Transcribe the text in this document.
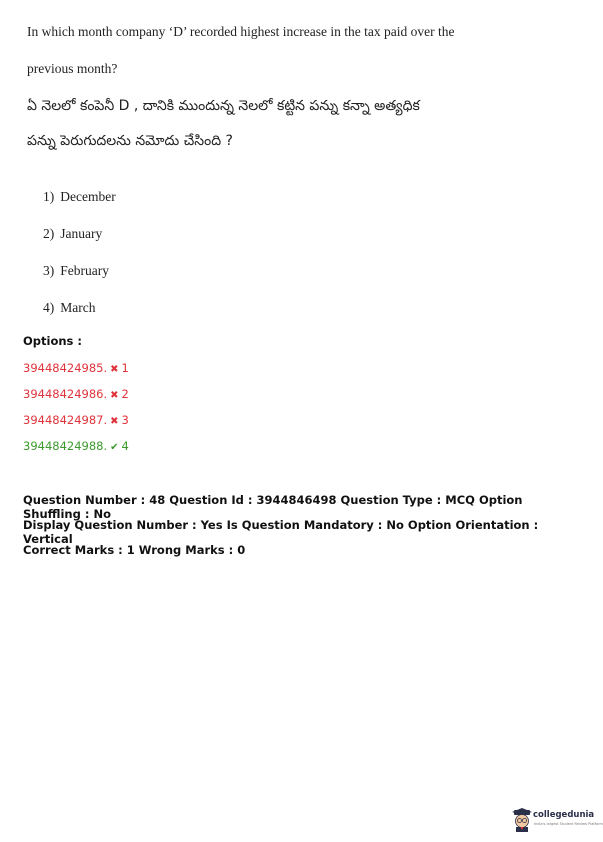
In which month company ‘D’ recorded highest increase in the tax paid over the
previous month?
ఏ నెలలో కంపెనీ D , దానికి ముందున్న నెలలో కట్టిన పన్ను కన్నా అత్యధిక
పన్ను పెరుగుదలను నమోదు చేసింది ?
1) December
2) January
3) February
4) March
Options :
39448424985. ✖ 1
39448424986. ✖ 2
39448424987. ✖ 3
39448424988. ✔ 4
Question Number : 48 Question Id : 3944846498 Question Type : MCQ Option Shuffling : No
Display Question Number : Yes Is Question Mandatory : No Option Orientation : Vertical
Correct Marks : 1 Wrong Marks : 0
collegedunia
India's largest Student Review Platform
